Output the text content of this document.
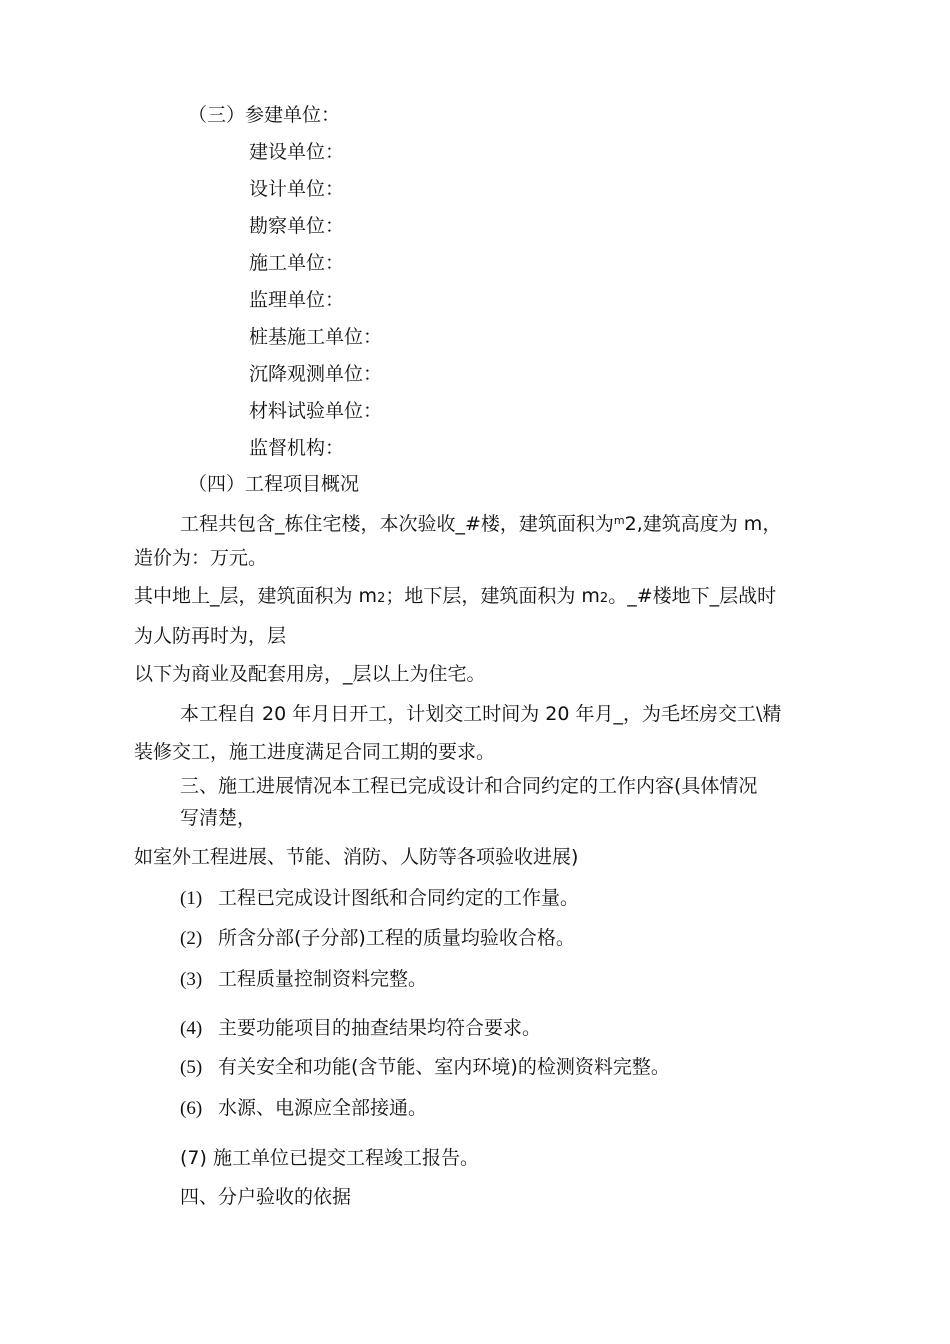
（三）参建单位：
建设单位：
设计单位：
勘察单位：
施工单位：
监理单位：
桩基施工单位：
沉降观测单位：
材料试验单位：
监督机构：
（四）工程项目概况
工程共包含_栋住宅楼，本次验收_#楼，建筑面积为$^m$2,建筑高度为 m，
造价为：万元。
其中地上_层，建筑面积为 m2；地下层，建筑面积为 m2。_#楼地下_层战时
为人防再时为，层
以下为商业及配套用房，_层以上为住宅。
本工程自 20 年月日开工，计划交工时间为 20 年月_，为毛坯房交工\精
装修交工，施工进度满足合同工期的要求。
三、施工进展情况本工程已完成设计和合同约定的工作内容(具体情况
写清楚，
如室外工程进展、节能、消防、人防等各项验收进展)
(1) 工程已完成设计图纸和合同约定的工作量。
(2) 所含分部(子分部)工程的质量均验收合格。
(3) 工程质量控制资料完整。
(4) 主要功能项目的抽查结果均符合要求。
(5) 有关安全和功能(含节能、室内环境)的检测资料完整。
(6) 水源、电源应全部接通。
(7) 施工单位已提交工程竣工报告。
四、分户验收的依据
